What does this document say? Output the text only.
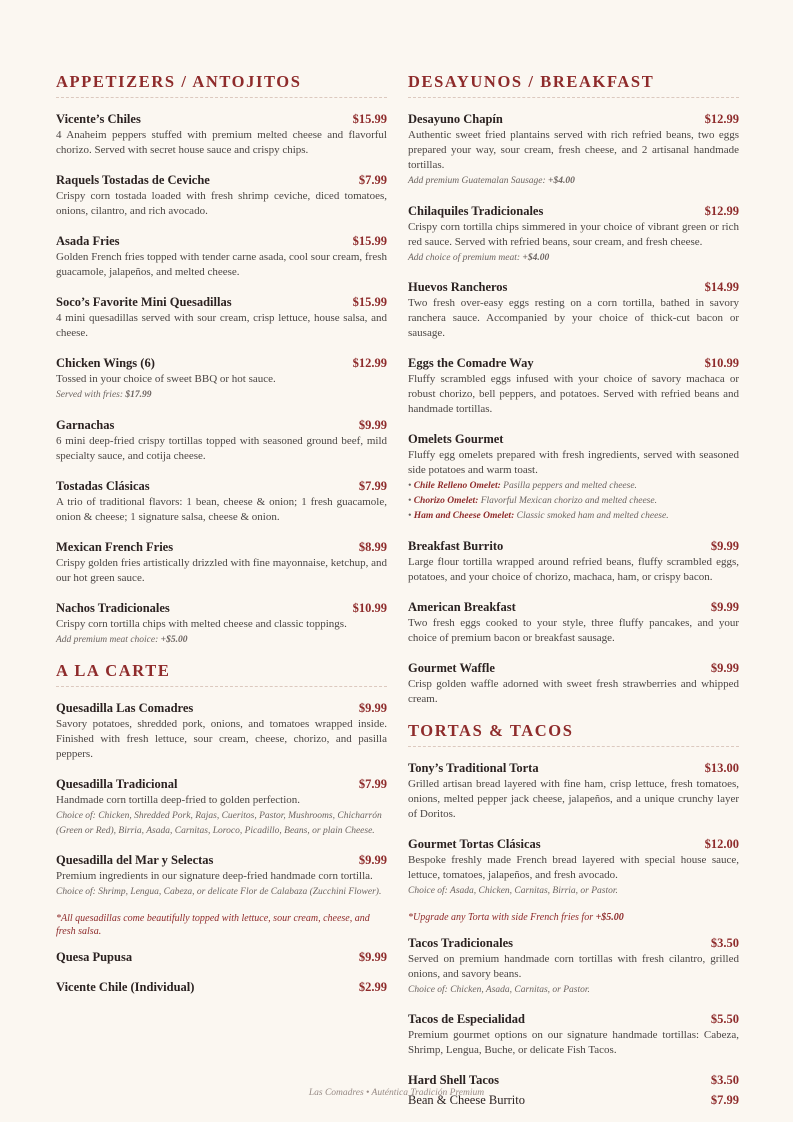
APPETIZERS / ANTOJITOS
Vicente’s Chiles	$15.99
4 Anaheim peppers stuffed with premium melted cheese and flavorful chorizo. Served with secret house sauce and crispy chips.
Raquels Tostadas de Ceviche	$7.99
Crispy corn tostada loaded with fresh shrimp ceviche, diced tomatoes, onions, cilantro, and rich avocado.
Asada Fries	$15.99
Golden French fries topped with tender carne asada, cool sour cream, fresh guacamole, jalapeños, and melted cheese.
Soco’s Favorite Mini Quesadillas	$15.99
4 mini quesadillas served with sour cream, crisp lettuce, house salsa, and cheese.
Chicken Wings (6)	$12.99
Tossed in your choice of sweet BBQ or hot sauce.
Served with fries: $17.99
Garnachas	$9.99
6 mini deep-fried crispy tortillas topped with seasoned ground beef, mild specialty sauce, and cotija cheese.
Tostadas Clásicas	$7.99
A trio of traditional flavors: 1 bean, cheese & onion; 1 fresh guacamole, onion & cheese; 1 signature salsa, cheese & onion.
Mexican French Fries	$8.99
Crispy golden fries artistically drizzled with fine mayonnaise, ketchup, and our hot green sauce.
Nachos Tradicionales	$10.99
Crispy corn tortilla chips with melted cheese and classic toppings.
Add premium meat choice: +$5.00
A LA CARTE
Quesadilla Las Comadres	$9.99
Savory potatoes, shredded pork, onions, and tomatoes wrapped inside. Finished with fresh lettuce, sour cream, cheese, chorizo, and pasilla peppers.
Quesadilla Tradicional	$7.99
Handmade corn tortilla deep-fried to golden perfection.
Choice of: Chicken, Shredded Pork, Rajas, Cueritos, Pastor, Mushrooms, Chicharrón (Green or Red), Birria, Asada, Carnitas, Loroco, Picadillo, Beans, or plain Cheese.
Quesadilla del Mar y Selectas	$9.99
Premium ingredients in our signature deep-fried handmade corn tortilla.
Choice of: Shrimp, Lengua, Cabeza, or delicate Flor de Calabaza (Zucchini Flower).
*All quesadillas come beautifully topped with lettuce, sour cream, cheese, and fresh salsa.
Quesa Pupusa	$9.99
Vicente Chile (Individual)	$2.99
DESAYUNOS / BREAKFAST
Desayuno Chapín	$12.99
Authentic sweet fried plantains served with rich refried beans, two eggs prepared your way, sour cream, fresh cheese, and 2 artisanal handmade tortillas.
Add premium Guatemalan Sausage: +$4.00
Chilaquiles Tradicionales	$12.99
Crispy corn tortilla chips simmered in your choice of vibrant green or rich red sauce. Served with refried beans, sour cream, and fresh cheese.
Add choice of premium meat: +$4.00
Huevos Rancheros	$14.99
Two fresh over-easy eggs resting on a corn tortilla, bathed in savory ranchera sauce. Accompanied by your choice of thick-cut bacon or sausage.
Eggs the Comadre Way	$10.99
Fluffy scrambled eggs infused with your choice of savory machaca or robust chorizo, bell peppers, and potatoes. Served with refried beans and handmade tortillas.
Omelets Gourmet
Fluffy egg omelets prepared with fresh ingredients, served with seasoned side potatoes and warm toast.
• Chile Relleno Omelet: Pasilla peppers and melted cheese.
• Chorizo Omelet: Flavorful Mexican chorizo and melted cheese.
• Ham and Cheese Omelet: Classic smoked ham and melted cheese.
Breakfast Burrito	$9.99
Large flour tortilla wrapped around refried beans, fluffy scrambled eggs, potatoes, and your choice of chorizo, machaca, ham, or crispy bacon.
American Breakfast	$9.99
Two fresh eggs cooked to your style, three fluffy pancakes, and your choice of premium bacon or breakfast sausage.
Gourmet Waffle	$9.99
Crisp golden waffle adorned with sweet fresh strawberries and whipped cream.
TORTAS & TACOS
Tony’s Traditional Torta	$13.00
Grilled artisan bread layered with fine ham, crisp lettuce, fresh tomatoes, onions, melted pepper jack cheese, jalapeños, and a unique crunchy layer of Doritos.
Gourmet Tortas Clásicas	$12.00
Bespoke freshly made French bread layered with special house sauce, lettuce, tomatoes, jalapeños, and fresh avocado.
Choice of: Asada, Chicken, Carnitas, Birria, or Pastor.
*Upgrade any Torta with side French fries for +$5.00
Tacos Tradicionales	$3.50
Served on premium handmade corn tortillas with fresh cilantro, grilled onions, and savory beans.
Choice of: Chicken, Asada, Carnitas, or Pastor.
Tacos de Especialidad	$5.50
Premium gourmet options on our signature handmade tortillas: Cabeza, Shrimp, Lengua, Buche, or delicate Fish Tacos.
Hard Shell Tacos	$3.50
Bean & Cheese Burrito	$7.99
Las Comadres • Auténtica Tradición Premium
